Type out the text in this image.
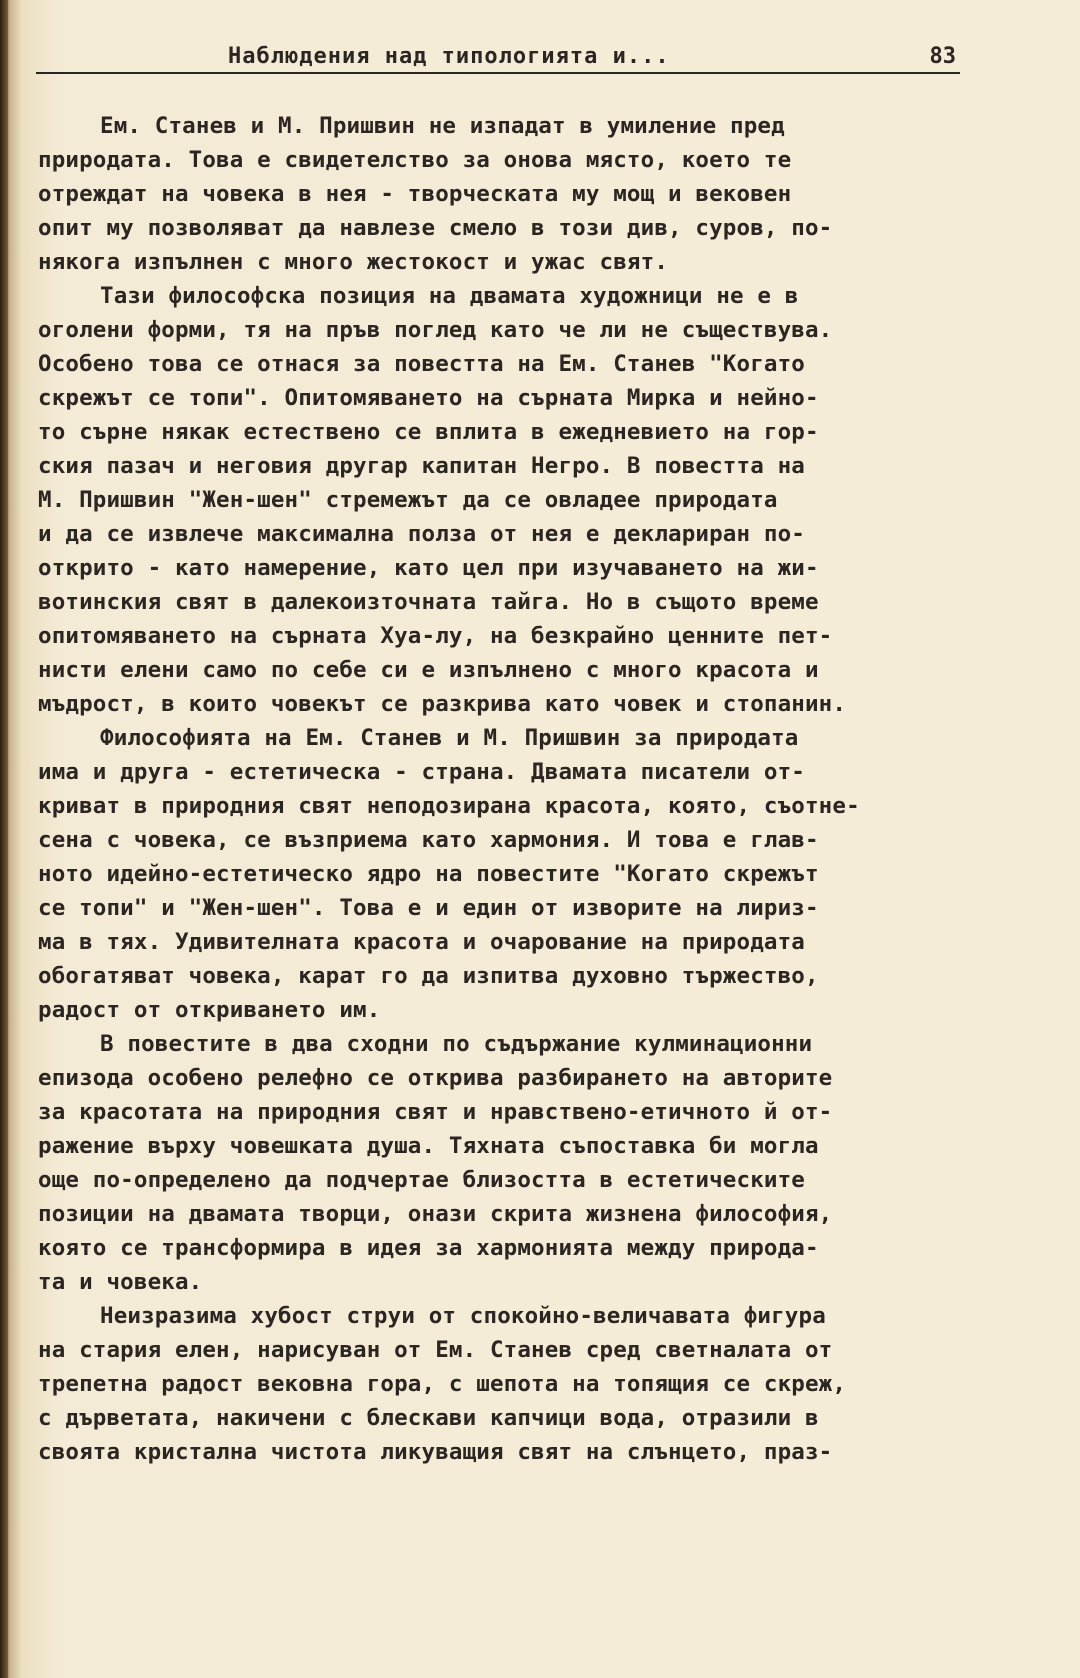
Наблюдения над типологията и...	83
Ем. Станев и М. Пришвин не изпадат в умиление пред
природата. Това е свидетелство за онова място, което те
отреждат на човека в нея - творческата му мощ и вековен
опит му позволяват да навлезе смело в този див, суров, по-
някога изпълнен с много жестокост и ужас свят.
Тази философска позиция на двамата художници не е в
оголени форми, тя на пръв поглед като че ли не съществува.
Особено това се отнася за повестта на Ем. Станев "Когато
скрежът се топи". Опитомяването на сърната Мирка и нейно-
то сърне някак естествено се вплита в ежедневието на гор-
ския пазач и неговия другар капитан Негро. В повестта на
М. Пришвин "Жен-шен" стремежът да се овладее природата
и да се извлече максимална полза от нея е деклариран по-
открито - като намерение, като цел при изучаването на жи-
вотинския свят в далекоизточната тайга. Но в същото време
опитомяването на сърната Хуа-лу, на безкрайно ценните пет-
нисти елени само по себе си е изпълнено с много красота и
мъдрост, в които човекът се разкрива като човек и стопанин.
Философията на Ем. Станев и М. Пришвин за природата
има и друга - естетическа - страна. Двамата писатели от-
криват в природния свят неподозирана красота, която, съотне-
сена с човека, се възприема като хармония. И това е глав-
ното идейно-естетическо ядро на повестите "Когато скрежът
се топи" и "Жен-шен". Това е и един от изворите на лириз-
ма в тях. Удивителната красота и очарование на природата
обогатяват човека, карат го да изпитва духовно тържество,
радост от откриването им.
В повестите в два сходни по съдържание кулминационни
епизода особено релефно се открива разбирането на авторите
за красотата на природния свят и нравствено-етичното й от-
ражение върху човешката душа. Тяхната съпоставка би могла
още по-определено да подчертае близостта в естетическите
позиции на двамата творци, онази скрита жизнена философия,
която се трансформира в идея за хармонията между природа-
та и човека.
Неизразима хубост струи от спокойно-величавата фигура
на стария елен, нарисуван от Ем. Станев сред светналата от
трепетна радост вековна гора, с шепота на топящия се скреж,
с дърветата, накичени с блескави капчици вода, отразили в
своята кристална чистота ликуващия свят на слънцето, праз-
